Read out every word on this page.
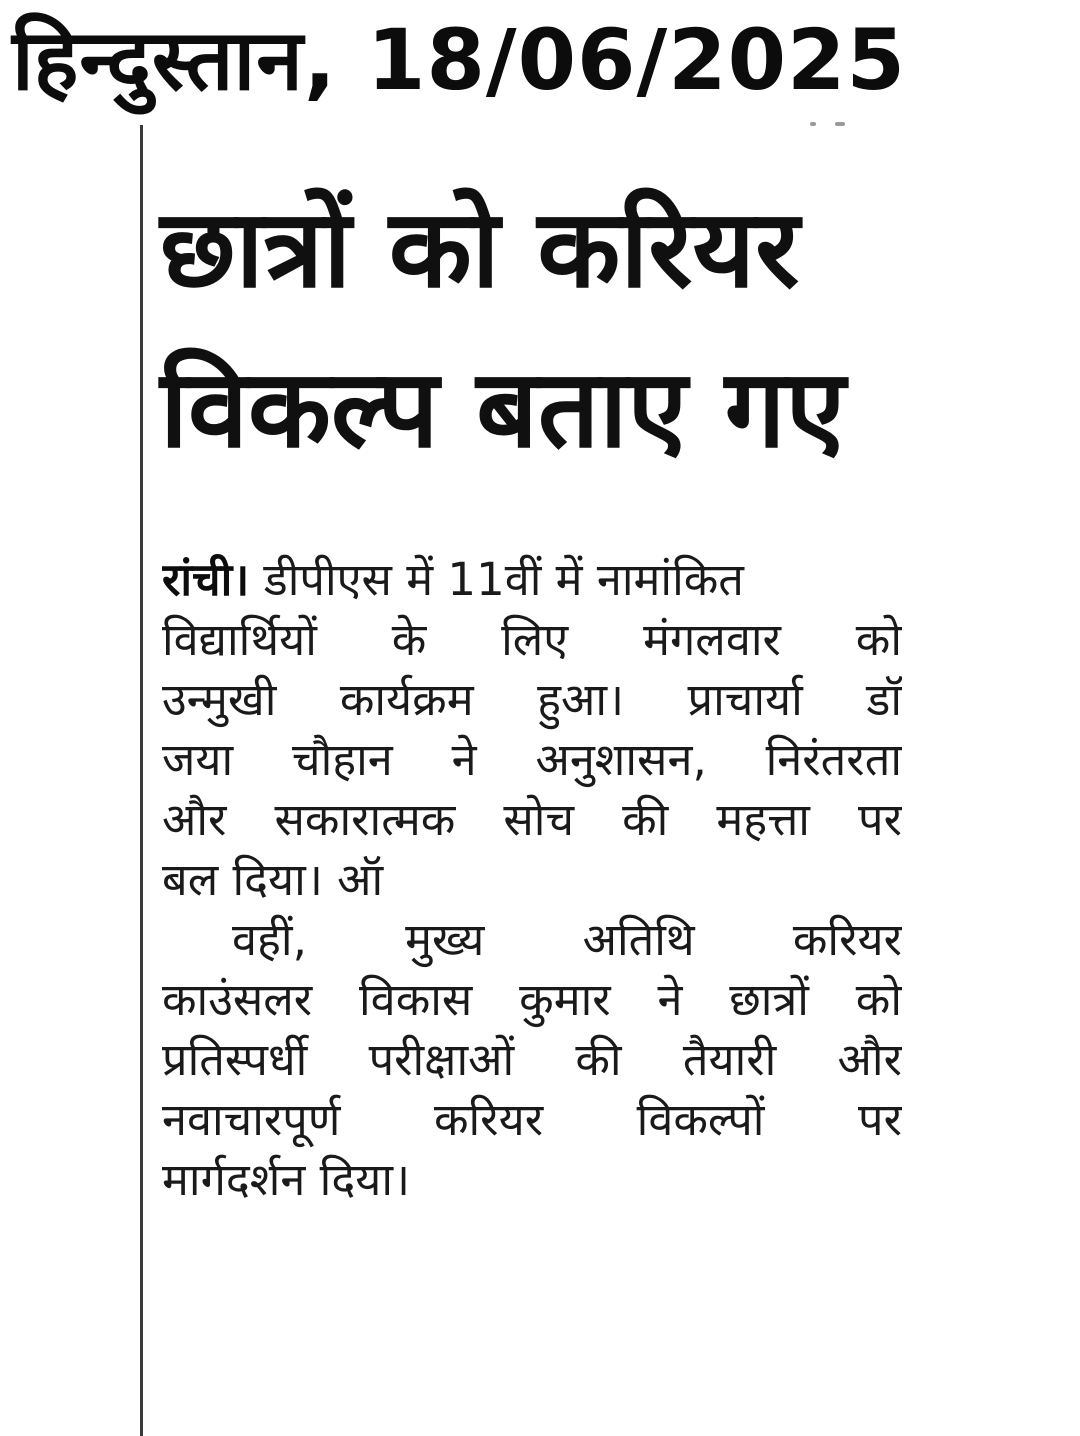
हिन्दुस्तान, 18/06/2025
छात्रों को करियर
विकल्प बताए गए
रांची। डीपीएस में 11वीं में नामांकित
विद्यार्थियों के लिए मंगलवार को
उन्मुखी कार्यक्रम हुआ। प्राचार्या डॉ
जया चौहान ने अनुशासन, निरंतरता
और सकारात्मक सोच की महत्ता पर
बल दिया। ऑ
वहीं, मुख्य अतिथि करियर
काउंसलर विकास कुमार ने छात्रों को
प्रतिस्पर्धी परीक्षाओं की तैयारी और
नवाचारपूर्ण करियर विकल्पों पर
मार्गदर्शन दिया।
